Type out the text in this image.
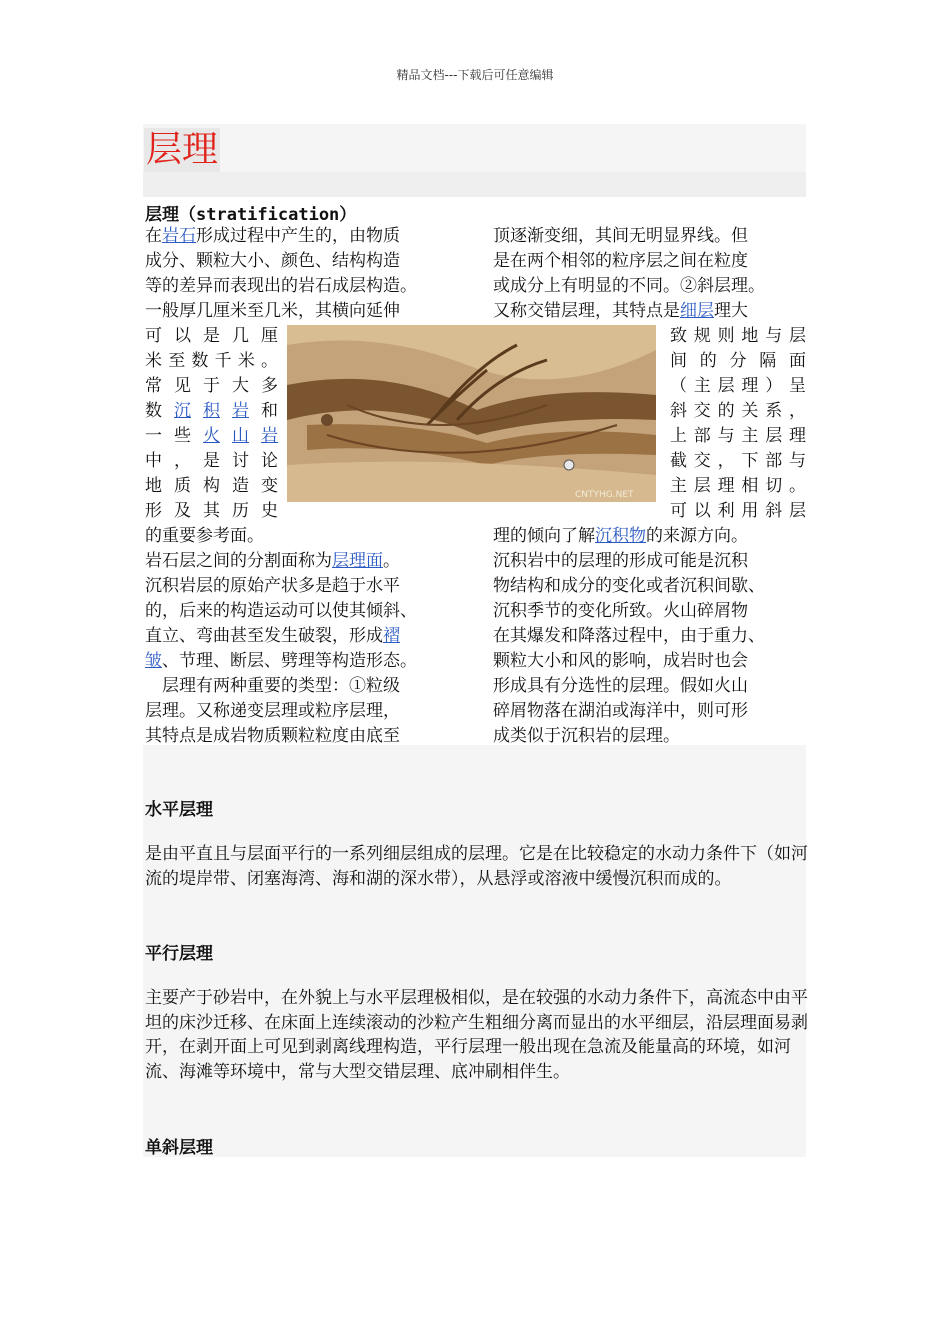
精品文档---下载后可任意编辑
层理
层理（stratification）
在岩石形成过程中产生的，由物质
成分、颗粒大小、颜色、结构构造
等的差异而表现出的岩石成层构造。
一般厚几厘米至几米，其横向延伸
可 以 是 几 厘
米 至 数 千 米 。
常 见 于 大 多
数 沉 积 岩 和
一 些 火 山 岩
中 ， 是 讨 论
地 质 构 造 变
形 及 其 历 史
的重要参考面。
岩石层之间的分割面称为层理面。
沉积岩层的原始产状多是趋于水平
的，后来的构造运动可以使其倾斜、
直立、弯曲甚至发生破裂，形成褶
皱、节理、断层、劈理等构造形态。
　层理有两种重要的类型：①粒级
层理。又称递变层理或粒序层理，
其特点是成岩物质颗粒粒度由底至
CNTYHG.NET
顶逐渐变细，其间无明显界线。但
是在两个相邻的粒序层之间在粒度
或成分上有明显的不同。②斜层理。
又称交错层理，其特点是细层理大
致 规 则 地 与 层
间 的 分 隔 面
（ 主 层 理 ） 呈
斜 交 的 关 系 ，
上 部 与 主 层 理
截 交 ， 下 部 与
主 层 理 相 切 。
可 以 利 用 斜 层
理的倾向了解沉积物的来源方向。
沉积岩中的层理的形成可能是沉积
物结构和成分的变化或者沉积间歇、
沉积季节的变化所致。火山碎屑物
在其爆发和降落过程中，由于重力、
颗粒大小和风的影响，成岩时也会
形成具有分选性的层理。假如火山
碎屑物落在湖泊或海洋中，则可形
成类似于沉积岩的层理。
水平层理
是由平直且与层面平行的一系列细层组成的层理。它是在比较稳定的水动力条件下（如河流的堤岸带、闭塞海湾、海和湖的深水带），从悬浮或溶液中缓慢沉积而成的。
平行层理
主要产于砂岩中，在外貌上与水平层理极相似，是在较强的水动力条件下，高流态中由平坦的床沙迁移、在床面上连续滚动的沙粒产生粗细分离而显出的水平细层，沿层理面易剥开，在剥开面上可见到剥离线理构造，平行层理一般出现在急流及能量高的环境，如河流、海滩等环境中，常与大型交错层理、底冲刷相伴生。
单斜层理
